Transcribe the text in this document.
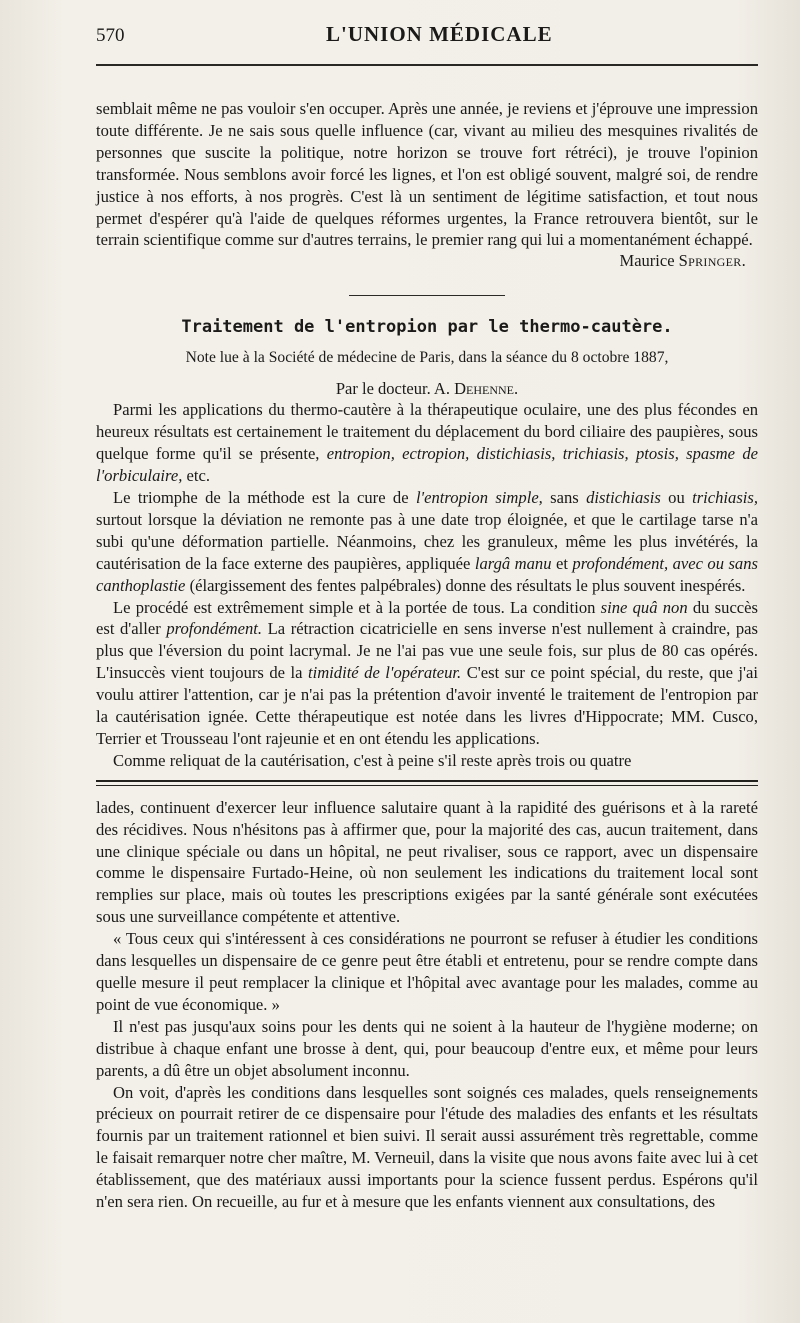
570	L'UNION MÉDICALE

semblait même ne pas vouloir s'en occuper. Après une année, je reviens et j'éprouve une impression toute différente. Je ne sais sous quelle influence (car, vivant au milieu des mesquines rivalités de personnes que suscite la politique, notre horizon se trouve fort rétréci), je trouve l'opinion transformée. Nous semblons avoir forcé les lignes, et l'on est obligé souvent, malgré soi, de rendre justice à nos efforts, à nos progrès. C'est là un sentiment de légitime satisfaction, et tout nous permet d'espérer qu'à l'aide de quelques réformes urgentes, la France retrouvera bientôt, sur le terrain scientifique comme sur d'autres terrains, le premier rang qui lui a momentanément échappé.

Maurice Springer.

Traitement de l'entropion par le thermo-cautère.

Note lue à la Société de médecine de Paris, dans la séance du 8 octobre 1887,

Par le docteur. A. Dehenne.

Parmi les applications du thermo-cautère à la thérapeutique oculaire, une des plus fécondes en heureux résultats est certainement le traitement du déplacement du bord ciliaire des paupières, sous quelque forme qu'il se présente, entropion, ectropion, distichiasis, trichiasis, ptosis, spasme de l'orbiculaire, etc.

Le triomphe de la méthode est la cure de l'entropion simple, sans distichiasis ou trichiasis, surtout lorsque la déviation ne remonte pas à une date trop éloignée, et que le cartilage tarse n'a subi qu'une déformation partielle. Néanmoins, chez les granuleux, même les plus invétérés, la cautérisation de la face externe des paupières, appliquée largâ manu et profondément, avec ou sans canthoplastie (élargissement des fentes palpébrales) donne des résultats le plus souvent inespérés.

Le procédé est extrêmement simple et à la portée de tous. La condition sine quâ non du succès est d'aller profondément. La rétraction cicatricielle en sens inverse n'est nullement à craindre, pas plus que l'éversion du point lacrymal. Je ne l'ai pas vue une seule fois, sur plus de 80 cas opérés. L'insuccès vient toujours de la timidité de l'opérateur. C'est sur ce point spécial, du reste, que j'ai voulu attirer l'attention, car je n'ai pas la prétention d'avoir inventé le traitement de l'entropion par la cautérisation ignée. Cette thérapeutique est notée dans les livres d'Hippocrate; MM. Cusco, Terrier et Trousseau l'ont rajeunie et en ont étendu les applications.

Comme reliquat de la cautérisation, c'est à peine s'il reste après trois ou quatre

lades, continuent d'exercer leur influence salutaire quant à la rapidité des guérisons et à la rareté des récidives. Nous n'hésitons pas à affirmer que, pour la majorité des cas, aucun traitement, dans une clinique spéciale ou dans un hôpital, ne peut rivaliser, sous ce rapport, avec un dispensaire comme le dispensaire Furtado-Heine, où non seulement les indications du traitement local sont remplies sur place, mais où toutes les prescriptions exigées par la santé générale sont exécutées sous une surveillance compétente et attentive.

« Tous ceux qui s'intéressent à ces considérations ne pourront se refuser à étudier les conditions dans lesquelles un dispensaire de ce genre peut être établi et entretenu, pour se rendre compte dans quelle mesure il peut remplacer la clinique et l'hôpital avec avantage pour les malades, comme au point de vue économique. »

Il n'est pas jusqu'aux soins pour les dents qui ne soient à la hauteur de l'hygiène moderne; on distribue à chaque enfant une brosse à dent, qui, pour beaucoup d'entre eux, et même pour leurs parents, a dû être un objet absolument inconnu.

On voit, d'après les conditions dans lesquelles sont soignés ces malades, quels renseignements précieux on pourrait retirer de ce dispensaire pour l'étude des maladies des enfants et les résultats fournis par un traitement rationnel et bien suivi. Il serait aussi assurément très regrettable, comme le faisait remarquer notre cher maître, M. Verneuil, dans la visite que nous avons faite avec lui à cet établissement, que des matériaux aussi importants pour la science fussent perdus. Espérons qu'il n'en sera rien. On recueille, au fur et à mesure que les enfants viennent aux consultations, des
